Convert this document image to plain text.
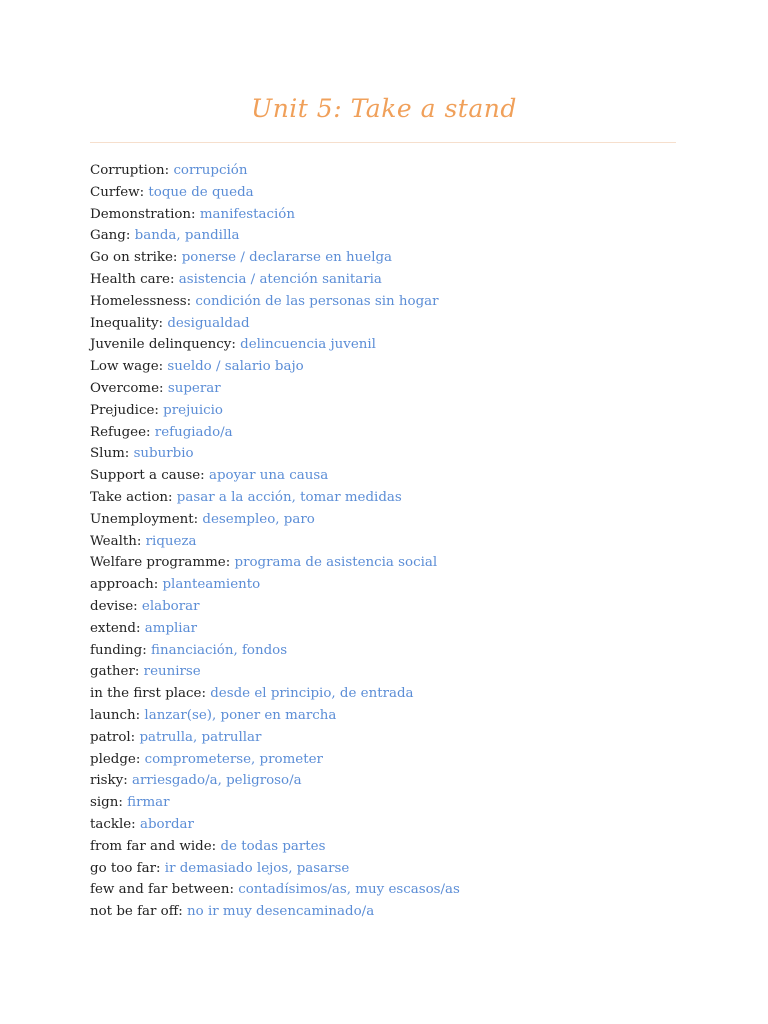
Unit 5: Take a stand
Corruption: corrupción
Curfew: toque de queda
Demonstration: manifestación
Gang: banda, pandilla
Go on strike: ponerse / declararse en huelga
Health care: asistencia / atención sanitaria
Homelessness: condición de las personas sin hogar
Inequality: desigualdad
Juvenile delinquency: delincuencia juvenil
Low wage: sueldo / salario bajo
Overcome: superar
Prejudice: prejuicio
Refugee: refugiado/a
Slum: suburbio
Support a cause: apoyar una causa
Take action: pasar a la acción, tomar medidas
Unemployment: desempleo, paro
Wealth: riqueza
Welfare programme: programa de asistencia social
approach: planteamiento
devise: elaborar
extend: ampliar
funding: financiación, fondos
gather: reunirse
in the first place: desde el principio, de entrada
launch: lanzar(se), poner en marcha
patrol: patrulla, patrullar
pledge: comprometerse, prometer
risky: arriesgado/a, peligroso/a
sign: firmar
tackle: abordar
from far and wide: de todas partes
go too far: ir demasiado lejos, pasarse
few and far between: contadísimos/as, muy escasos/as
not be far off: no ir muy desencaminado/a
